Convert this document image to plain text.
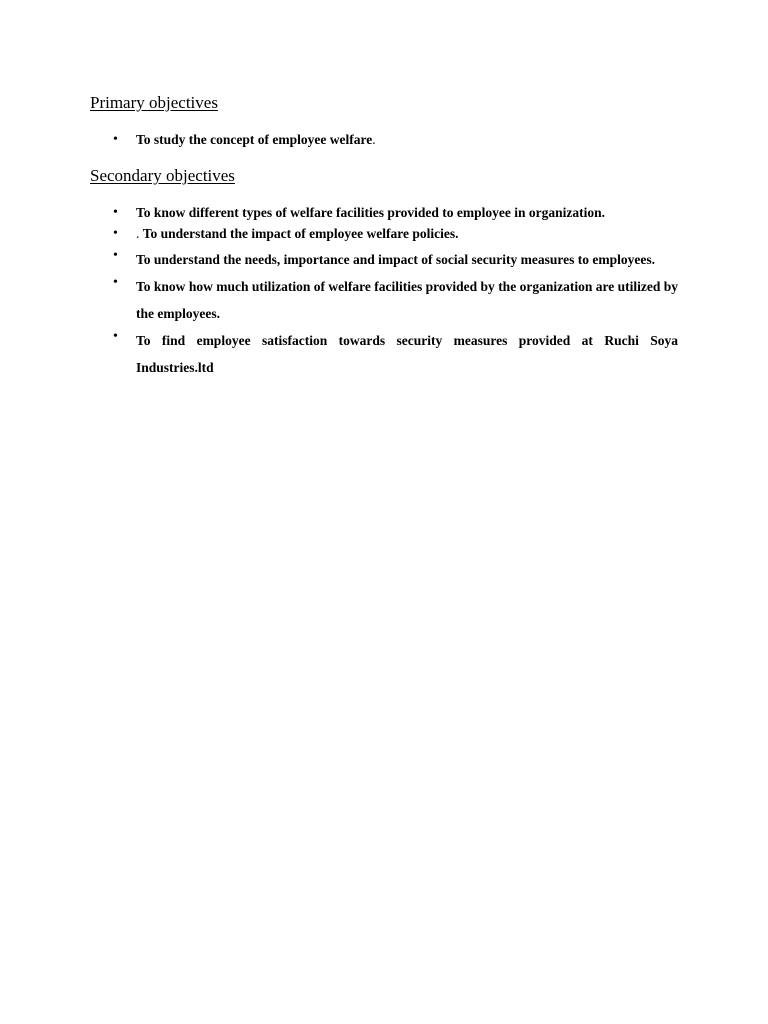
Primary objectives
• To study the concept of employee welfare.
Secondary objectives
• To know different types of welfare facilities provided to employee in organization.
• . To understand the impact of employee welfare policies.
• To understand the needs, importance and impact of social security measures to employees.
• To know how much utilization of welfare facilities provided by the organization are utilized by the employees.
• To find employee satisfaction towards security measures provided at Ruchi Soya Industries.ltd
